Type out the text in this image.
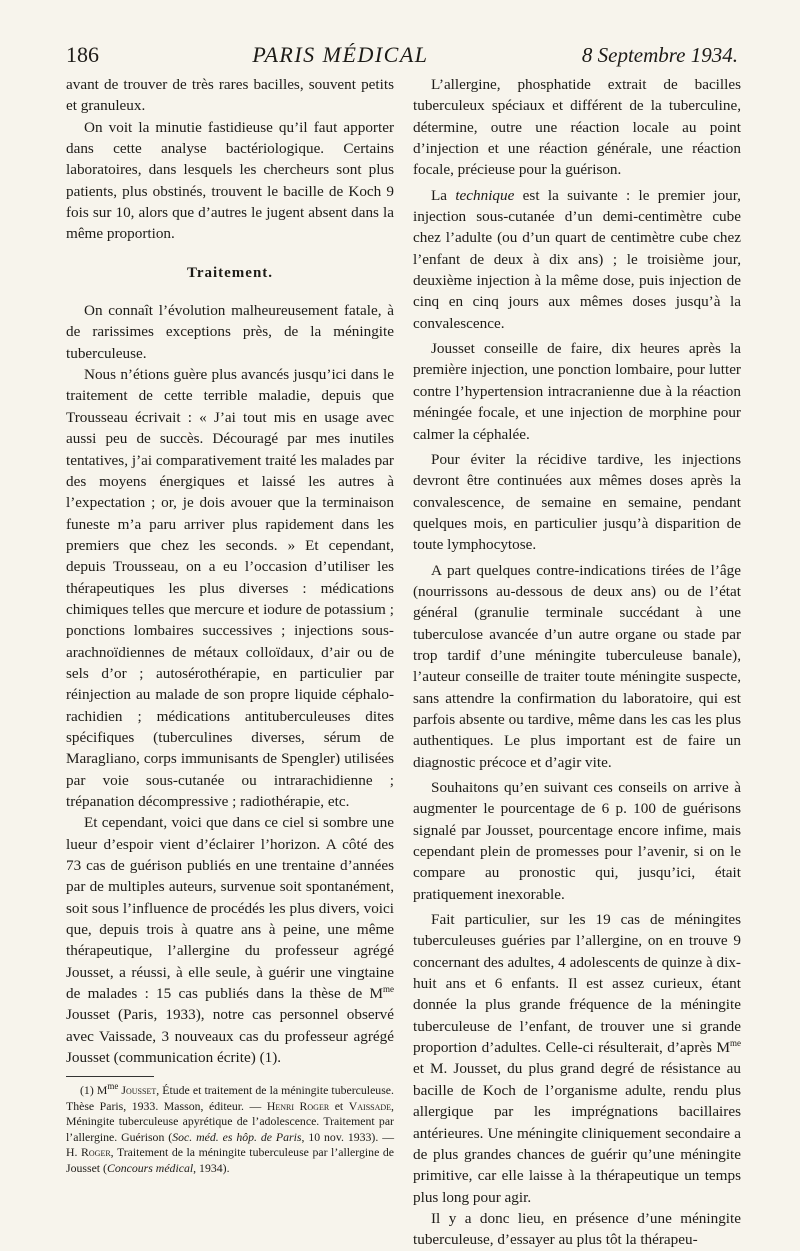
186	PARIS MÉDICAL	8 Septembre 1934.

avant de trouver de très rares bacilles, souvent petits et granuleux.

On voit la minutie fastidieuse qu’il faut apporter dans cette analyse bactériologique. Certains laboratoires, dans lesquels les chercheurs sont plus patients, plus obstinés, trouvent le bacille de Koch 9 fois sur 10, alors que d’autres le jugent absent dans la même proportion.

Traitement.

On connaît l’évolution malheureusement fatale, à de rarissimes exceptions près, de la méningite tuberculeuse.

Nous n’étions guère plus avancés jusqu’ici dans le traitement de cette terrible maladie, depuis que Trousseau écrivait : « J’ai tout mis en usage avec aussi peu de succès. Découragé par mes inutiles tentatives, j’ai comparativement traité les malades par des moyens énergiques et laissé les autres à l’expectation ; or, je dois avouer que la terminaison funeste m’a paru arriver plus rapidement dans les premiers que chez les seconds. » Et cependant, depuis Trousseau, on a eu l’occasion d’utiliser les thérapeutiques les plus diverses : médications chimiques telles que mercure et iodure de potassium ; ponctions lombaires successives ; injections sous-arachnoïdiennes de métaux colloïdaux, d’air ou de sels d’or ; autosérothérapie, en particulier par réinjection au malade de son propre liquide céphalo-rachidien ; médications antituberculeuses dites spécifiques (tuberculines diverses, sérum de Maragliano, corps immunisants de Spengler) utilisées par voie sous-cutanée ou intrarachidienne ; trépanation décompressive ; radiothérapie, etc.

Et cependant, voici que dans ce ciel si sombre une lueur d’espoir vient d’éclairer l’horizon. A côté des 73 cas de guérison publiés en une trentaine d’années par de multiples auteurs, survenue soit spontanément, soit sous l’influence de procédés les plus divers, voici que, depuis trois à quatre ans à peine, une même thérapeutique, l’allergine du professeur agrégé Jousset, a réussi, à elle seule, à guérir une vingtaine de malades : 15 cas publiés dans la thèse de $M^{me}$ Jousset (Paris, 1933), notre cas personnel observé avec Vaissade, 3 nouveaux cas du professeur agrégé Jousset (communication écrite) (1).

(1) $M^{me}$ Jousset, Étude et traitement de la méningite tuberculeuse. Thèse Paris, 1933. Masson, éditeur. — Henri Roger et Vaissade, Méningite tuberculeuse apyrétique de l’adolescence. Traitement par l’allergine. Guérison (Soc. méd. es hôp. de Paris, 10 nov. 1933). — H. Roger, Traitement de la méningite tuberculeuse par l’allergine de Jousset (Concours médical, 1934).

L’allergine, phosphatide extrait de bacilles tuberculeux spéciaux et différent de la tuberculine, détermine, outre une réaction locale au point d’injection et une réaction générale, une réaction focale, précieuse pour la guérison.

La technique est la suivante : le premier jour, injection sous-cutanée d’un demi-centimètre cube chez l’adulte (ou d’un quart de centimètre cube chez l’enfant de deux à dix ans) ; le troisième jour, deuxième injection à la même dose, puis injection de cinq en cinq jours aux mêmes doses jusqu’à la convalescence.

Jousset conseille de faire, dix heures après la première injection, une ponction lombaire, pour lutter contre l’hypertension intracranienne due à la réaction méningée focale, et une injection de morphine pour calmer la céphalée.

Pour éviter la récidive tardive, les injections devront être continuées aux mêmes doses après la convalescence, de semaine en semaine, pendant quelques mois, en particulier jusqu’à disparition de toute lymphocytose.

A part quelques contre-indications tirées de l’âge (nourrissons au-dessous de deux ans) ou de l’état général (granulie terminale succédant à une tuberculose avancée d’un autre organe ou stade par trop tardif d’une méningite tuberculeuse banale), l’auteur conseille de traiter toute méningite suspecte, sans attendre la confirmation du laboratoire, qui est parfois absente ou tardive, même dans les cas les plus authentiques. Le plus important est de faire un diagnostic précoce et d’agir vite.

Souhaitons qu’en suivant ces conseils on arrive à augmenter le pourcentage de 6 p. 100 de guérisons signalé par Jousset, pourcentage encore infime, mais cependant plein de promesses pour l’avenir, si on le compare au pronostic qui, jusqu’ici, était pratiquement inexorable.

Fait particulier, sur les 19 cas de méningites tuberculeuses guéries par l’allergine, on en trouve 9 concernant des adultes, 4 adolescents de quinze à dix-huit ans et 6 enfants. Il est assez curieux, étant donnée la plus grande fréquence de la méningite tuberculeuse de l’enfant, de trouver une si grande proportion d’adultes. Celle-ci résulterait, d’après $M^{me}$ et M. Jousset, du plus grand degré de résistance au bacille de Koch de l’organisme adulte, rendu plus allergique par les imprégnations bacillaires antérieures. Une méningite cliniquement secondaire a de plus grandes chances de guérir qu’une méningite primitive, car elle laisse à la thérapeutique un temps plus long pour agir.

Il y a donc lieu, en présence d’une méningite tuberculeuse, d’essayer au plus tôt la thérapeu-
